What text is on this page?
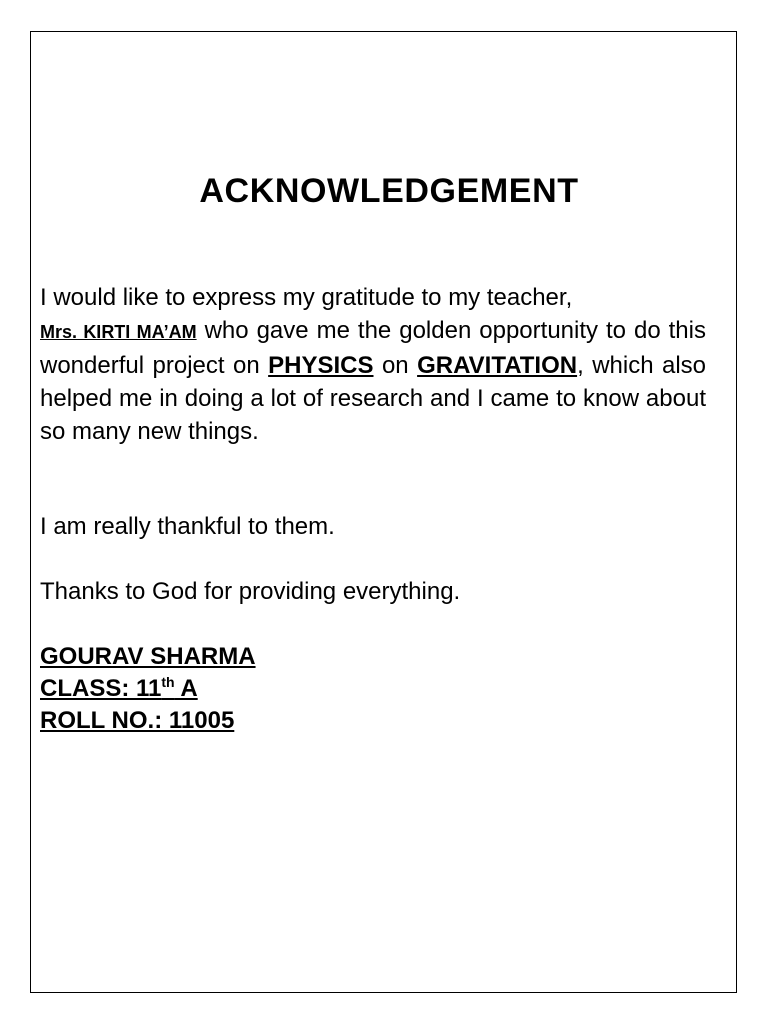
ACKNOWLEDGEMENT

I would like to express my gratitude to my teacher,
Mrs. KIRTI MA’AM who gave me the golden opportunity to do this wonderful project on PHYSICS on GRAVITATION, which also helped me in doing a lot of research and I came to know about so many new things.

I am really thankful to them.

Thanks to God for providing everything.

GOURAV SHARMA
CLASS: 11th A
ROLL NO.: 11005
